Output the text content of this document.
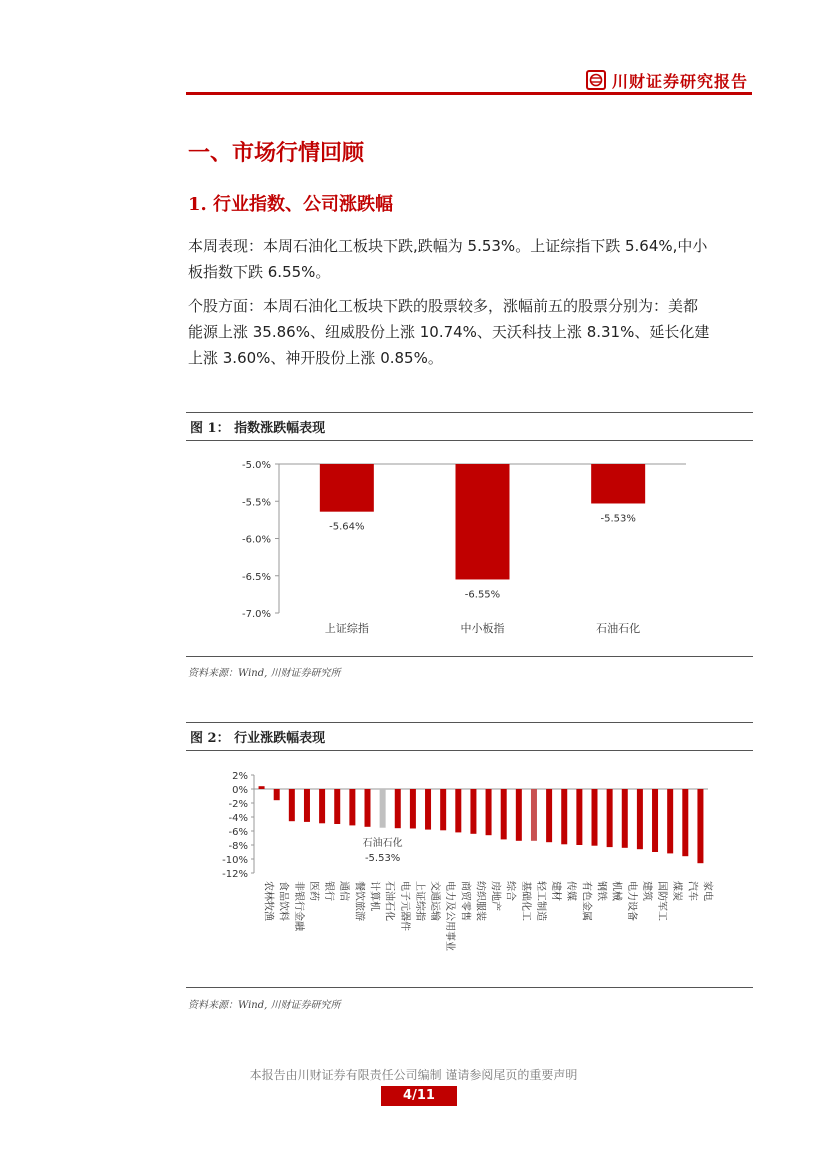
川财证券研究报告
一、市场行情回顾
1. 行业指数、公司涨跌幅
本周表现：本周石油化工板块下跌,跌幅为 5.53%。上证综指下跌 5.64%,中小
板指数下跌 6.55%。
个股方面：本周石油化工板块下跌的股票较多，涨幅前五的股票分别为：美都
能源上涨 35.86%、纽威股份上涨 10.74%、天沃科技上涨 8.31%、延长化建
上涨 3.60%、神开股份上涨 0.85%。
图 1： 指数涨跌幅表现
-5.0%
-5.5%
-6.0%
-6.5%
-7.0%
-5.64%
上证综指
-6.55%
中小板指
-5.53%
石油石化
资料来源：Wind, 川财证券研究所
图 2： 行业涨跌幅表现
2%
0%
-2%
-4%
-6%
-8%
-10%
-12%
农林牧渔 食品饮料 非银行金融 医药 银行 通信 餐饮旅游 计算机 石油石化 电子元器件 上证综指 交通运输 电力及公用事业 商贸零售 纺织服装 房地产 综合 基础化工 轻工制造 建材 传媒 有色金属 钢铁 机械 电力设备 建筑 国防军工 煤炭 汽车 家电
石油石化
-5.53%
资料来源：Wind, 川财证券研究所
本报告由川财证券有限责任公司编制 谨请参阅尾页的重要声明
4/11
